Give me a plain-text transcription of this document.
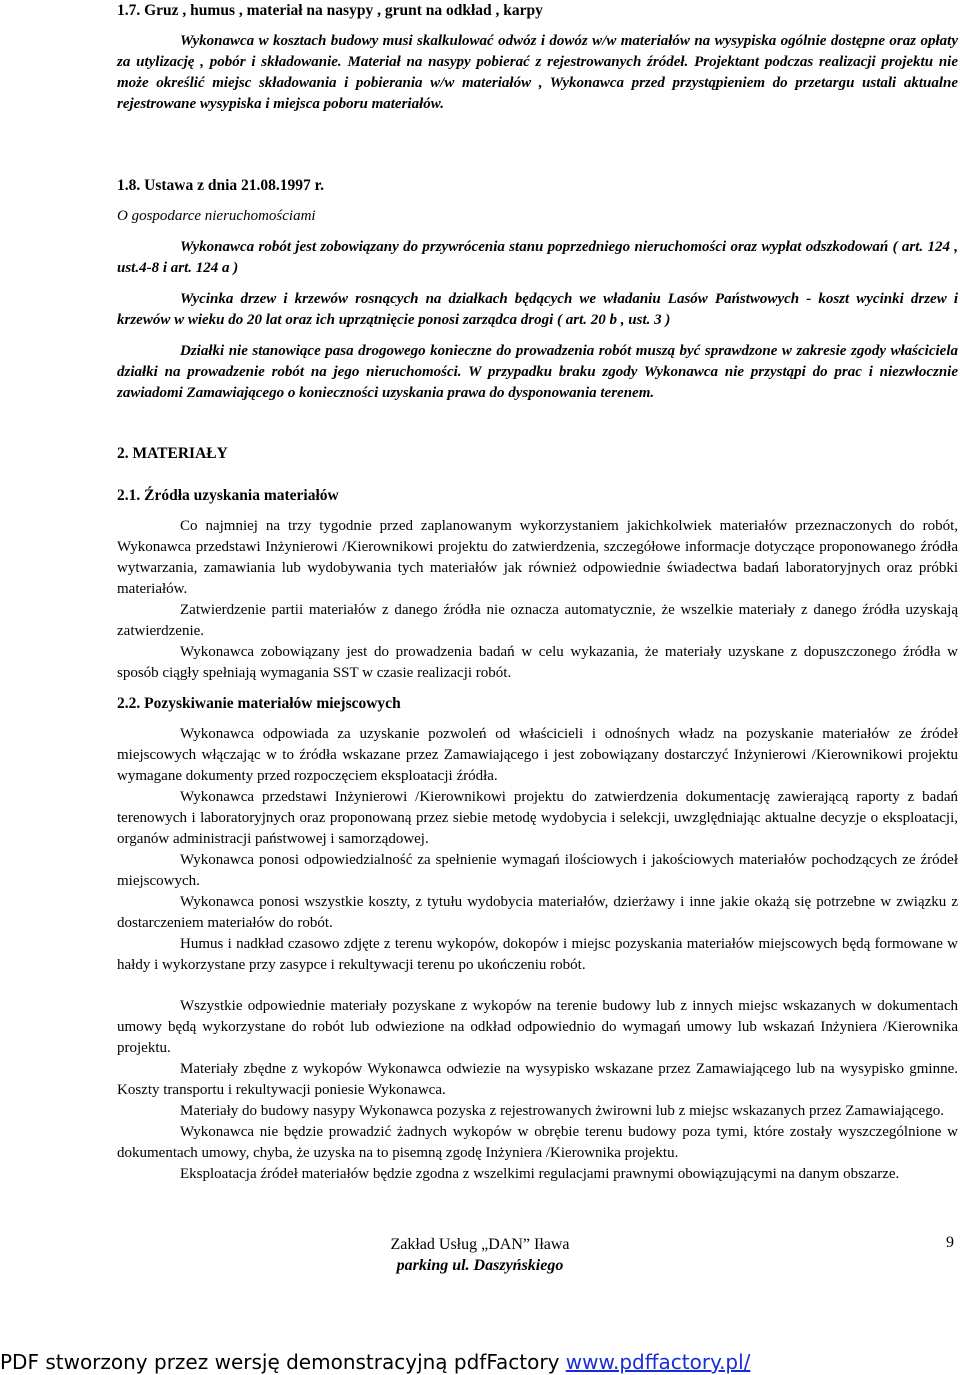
1.7. Gruz , humus , materiał na nasypy , grunt na odkład , karpy

Wykonawca w kosztach budowy musi skalkulować odwóz i dowóz w/w materiałów na wysypiska ogólnie dostępne oraz opłaty za utylizację , pobór i składowanie. Materiał na nasypy pobierać z rejestrowanych źródeł. Projektant podczas realizacji projektu nie może określić miejsc składowania i pobierania w/w materiałów , Wykonawca przed przystąpieniem do przetargu ustali aktualne rejestrowane wysypiska i miejsca poboru materiałów.

1.8. Ustawa z dnia 21.08.1997 r.

O gospodarce nieruchomościami

Wykonawca robót jest zobowiązany do przywrócenia stanu poprzedniego nieruchomości oraz wypłat odszkodowań ( art. 124 , ust.4-8 i art. 124 a )

Wycinka drzew i krzewów rosnących na działkach będących we władaniu Lasów Państwowych - koszt wycinki drzew i krzewów w wieku do 20 lat oraz ich uprzątnięcie ponosi zarządca drogi ( art. 20 b , ust. 3 )

Działki nie stanowiące pasa drogowego konieczne do prowadzenia robót muszą być sprawdzone w zakresie zgody właściciela działki na prowadzenie robót na jego nieruchomości. W przypadku braku zgody Wykonawca nie przystąpi do prac i niezwłocznie zawiadomi Zamawiającego o konieczności uzyskania prawa do dysponowania terenem.

2. MATERIAŁY

2.1. Źródła uzyskania materiałów

Co najmniej na trzy tygodnie przed zaplanowanym wykorzystaniem jakichkolwiek materiałów przeznaczonych do robót, Wykonawca przedstawi Inżynierowi /Kierownikowi projektu do zatwierdzenia, szczegółowe informacje dotyczące proponowanego źródła wytwarzania, zamawiania lub wydobywania tych materiałów jak również odpowiednie świadectwa badań laboratoryjnych oraz próbki materiałów.

Zatwierdzenie partii materiałów z danego źródła nie oznacza automatycznie, że wszelkie materiały z danego źródła uzyskają zatwierdzenie.

Wykonawca zobowiązany jest do prowadzenia badań w celu wykazania, że materiały uzyskane z dopuszczonego źródła w sposób ciągły spełniają wymagania SST w czasie realizacji robót.

2.2. Pozyskiwanie materiałów miejscowych

Wykonawca odpowiada za uzyskanie pozwoleń od właścicieli i odnośnych władz na pozyskanie materiałów ze źródeł miejscowych włączając w to źródła wskazane przez Zamawiającego i jest zobowiązany dostarczyć Inżynierowi /Kierownikowi projektu wymagane dokumenty przed rozpoczęciem eksploatacji źródła.

Wykonawca przedstawi Inżynierowi /Kierownikowi projektu do zatwierdzenia dokumentację zawierającą raporty z badań terenowych i laboratoryjnych oraz proponowaną przez siebie metodę wydobycia i selekcji, uwzględniając aktualne decyzje o eksploatacji, organów administracji państwowej i samorządowej.

Wykonawca ponosi odpowiedzialność za spełnienie wymagań ilościowych i jakościowych materiałów pochodzących ze źródeł miejscowych.

Wykonawca ponosi wszystkie koszty, z tytułu wydobycia materiałów, dzierżawy i inne jakie okażą się potrzebne w związku z dostarczeniem materiałów do robót.

Humus i nadkład czasowo zdjęte z terenu wykopów, dokopów i miejsc pozyskania materiałów miejscowych będą formowane w hałdy i wykorzystane przy zasypce i rekultywacji terenu po ukończeniu robót.

Wszystkie odpowiednie materiały pozyskane z wykopów na terenie budowy lub z innych miejsc wskazanych w dokumentach umowy będą wykorzystane do robót lub odwiezione na odkład odpowiednio do wymagań umowy lub wskazań Inżyniera /Kierownika projektu.

Materiały zbędne z wykopów Wykonawca odwiezie na wysypisko wskazane przez Zamawiającego lub na wysypisko gminne. Koszty transportu i rekultywacji poniesie Wykonawca.

Materiały do budowy nasypy Wykonawca pozyska z rejestrowanych żwirowni lub z miejsc wskazanych przez Zamawiającego.

Wykonawca nie będzie prowadzić żadnych wykopów w obrębie terenu budowy poza tymi, które zostały wyszczególnione w dokumentach umowy, chyba, że uzyska na to pisemną zgodę Inżyniera /Kierownika projektu.

Eksploatacja źródeł materiałów będzie zgodna z wszelkimi regulacjami prawnymi obowiązującymi na danym obszarze.

Zakład Usług „DAN” Iława
parking ul. Daszyńskiego
9
PDF stworzony przez wersję demonstracyjną pdfFactory www.pdffactory.pl/
